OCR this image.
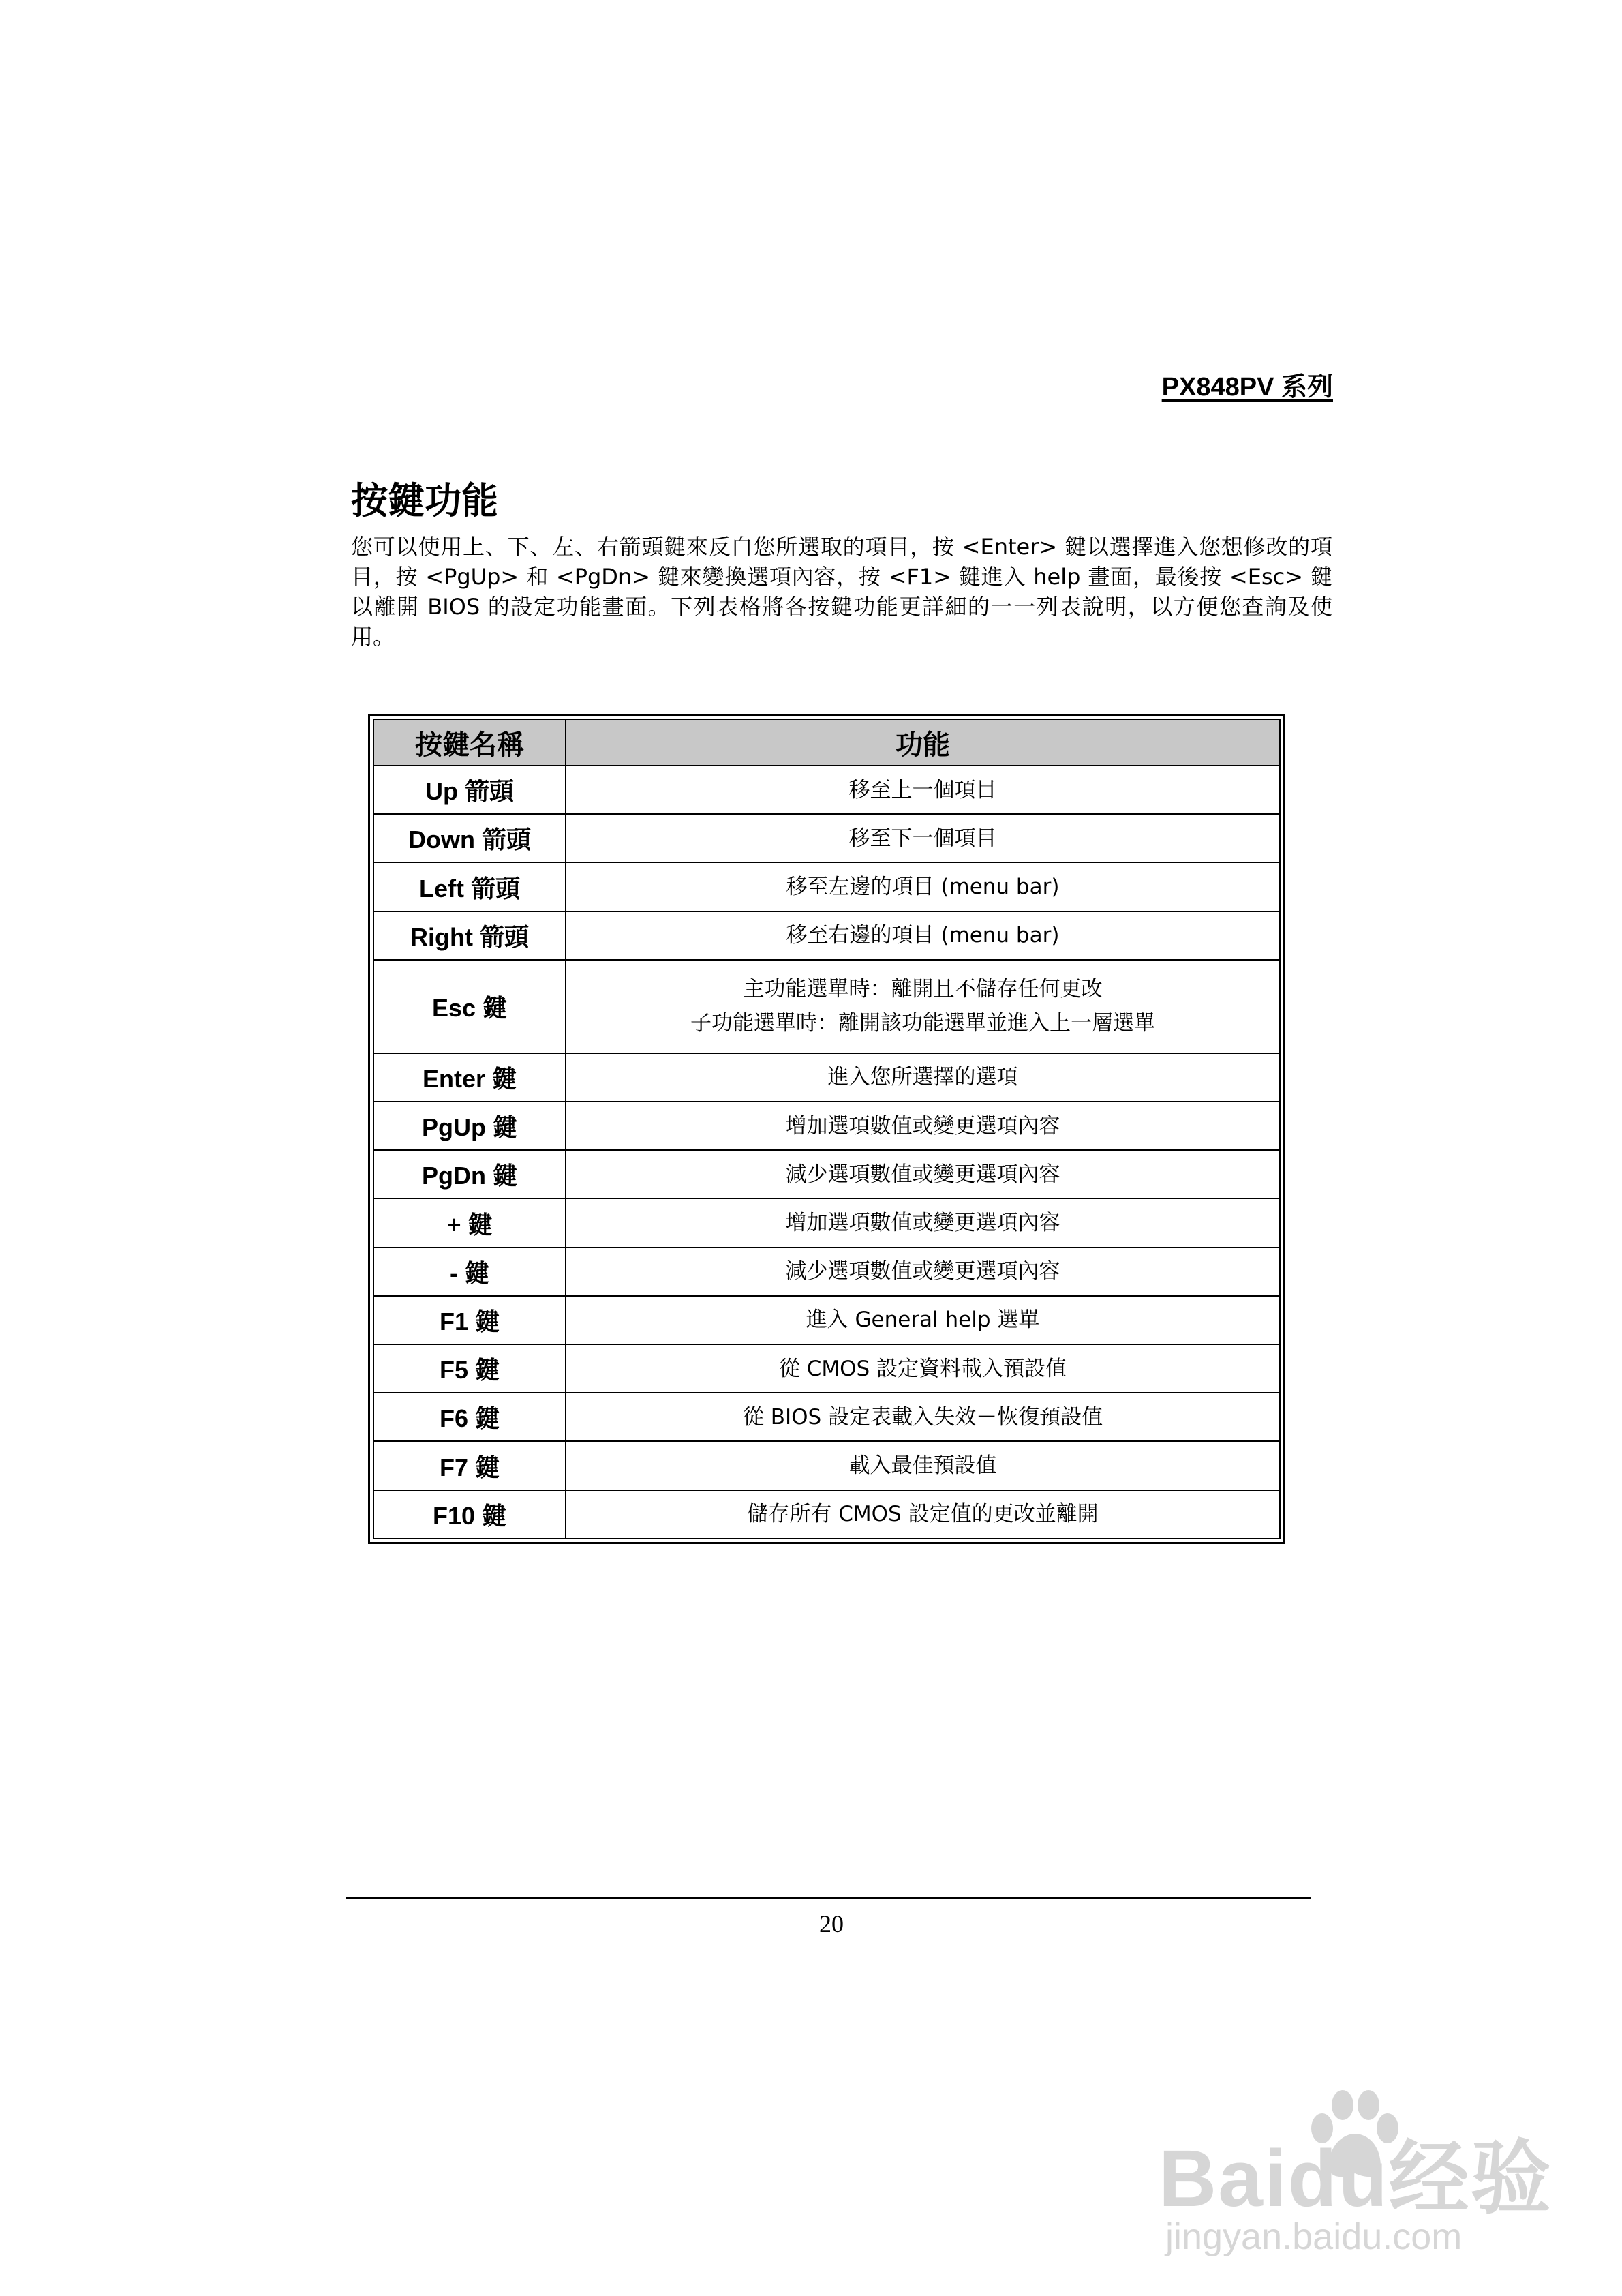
PX848PV 系列
按鍵功能

您可以使用上、下、左、右箭頭鍵來反白您所選取的項目，按 <Enter> 鍵以選擇進入您想修改的項目，按 <PgUp> 和 <PgDn> 鍵來變換選項內容，按 <F1> 鍵進入 help 畫面，最後按 <Esc> 鍵以離開 BIOS 的設定功能畫面。下列表格將各按鍵功能更詳細的一一列表說明，以方便您查詢及使用。

按鍵名稱	功能
Up 箭頭	移至上一個項目

Down 箭頭	移至下一個項目

Left 箭頭	移至左邊的項目 (menu bar)

Right 箭頭	移至右邊的項目 (menu bar)

Esc 鍵	主功能選單時：離開且不儲存任何更改
子功能選單時：離開該功能選單並進入上一層選單

Enter 鍵	進入您所選擇的選項

PgUp 鍵	增加選項數值或變更選項內容

PgDn 鍵	減少選項數值或變更選項內容

+ 鍵	增加選項數值或變更選項內容

- 鍵	減少選項數值或變更選項內容

F1 鍵	進入 General help 選單

F5 鍵	從 CMOS 設定資料載入預設值

F6 鍵	從 BIOS 設定表載入失效－恢復預設值

F7 鍵	載入最佳預設值

F10 鍵	儲存所有 CMOS 設定值的更改並離開
20
Baidu经验
jingyan.baidu.com
